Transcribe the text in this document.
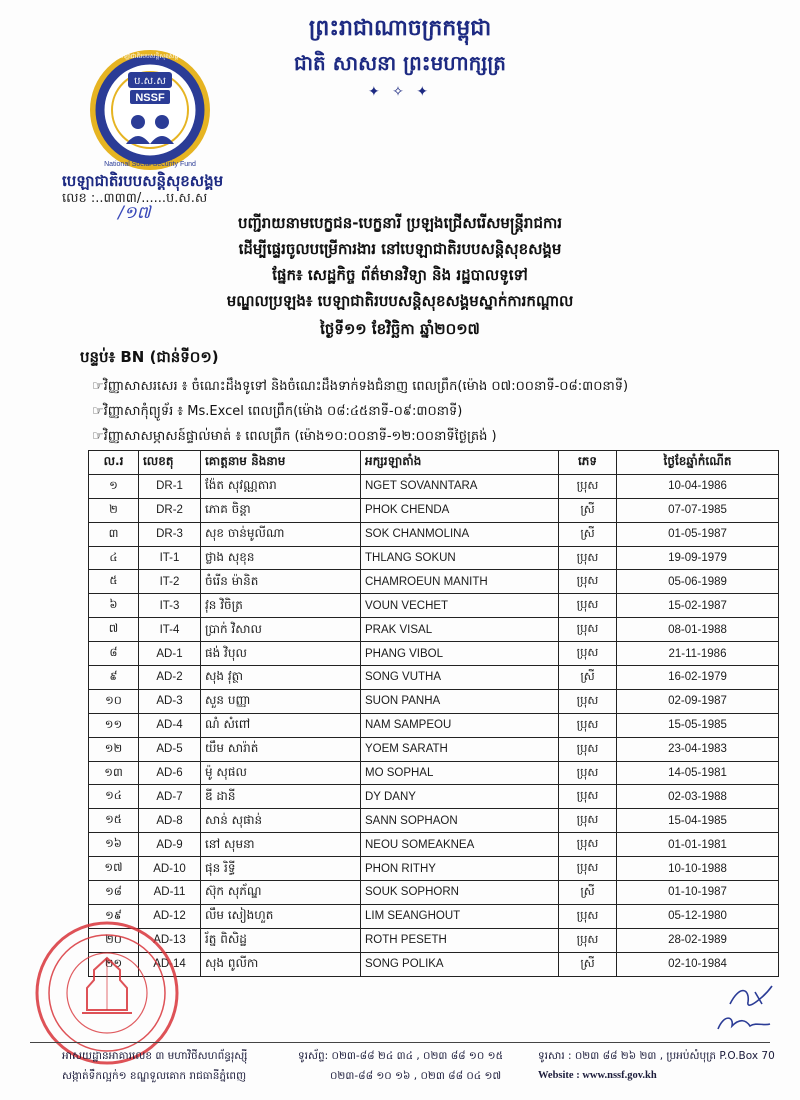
ព្រះរាជាណាចក្រកម្ពុជា
ជាតិ សាសនា ព្រះមហាក្សត្រ
✦ ✧ ✦
ប.ស.ស
NSSF
National Social Security Fund
បេឡាជាតិរបបសន្តិសុខសង្គម
បេឡាជាតិរបបសន្តិសុខសង្គម
លេខ :..៣៣៣/......ប.ស.ស
/១៧	បញ្ជីរាយនាមបេក្ខជន-បេក្ខនារី ប្រឡងជ្រើសរើសមន្ត្រីរាជការ
ដើម្បីផ្ទេរចូលបម្រើការងារ នៅបេឡាជាតិរបបសន្តិសុខសង្គម
ផ្នែក៖ សេដ្ឋកិច្ច ព័ត៌មានវិទ្យា និង រដ្ឋបាលទូទៅ
មណ្ឌលប្រឡង៖ បេឡាជាតិរបបសន្តិសុខសង្គមស្នាក់ការកណ្តាល
ថ្ងៃទី១១ ខែវិច្ឆិកា ឆ្នាំ២០១៧
បន្ទប់៖ BN (ជាន់ទី០១)
☞វិញ្ញាសាសរសេរ ៖ ចំណេះដឹងទូទៅ និងចំណេះដឹងទាក់ទងជំនាញ ពេលព្រឹក(ម៉ោង ០៧:០០នាទី-០៨:៣០នាទី)
☞វិញ្ញាសាកុំព្យូទ័រ ៖ Ms.Excel ពេលព្រឹក(ម៉ោង ០៨:៤៥នាទី-០៩:៣០នាទី)
☞វិញ្ញាសាសម្ភាសន៍ផ្ទាល់មាត់ ៖ ពេលព្រឹក (ម៉ោង១០:០០នាទី-១២:០០នាទីថ្ងៃត្រង់ )
ល.រ	លេខតុ	គោត្តនាម និងនាម	អក្សរឡាតាំង	ភេទ	ថ្ងៃខែឆ្នាំកំណើត
១	DR-1	ង៉ែត សុវណ្ណតារា	NGET SOVANNTARA	ប្រុស	10-04-1986
២	DR-2	ភោគ ចិន្តា	PHOK CHENDA	ស្រី	07-07-1985
៣	DR-3	សុខ ចាន់មូលីណា	SOK CHANMOLINA	ស្រី	01-05-1987
៤	IT-1	ថ្លាង សុខុន	THLANG SOKUN	ប្រុស	19-09-1979
៥	IT-2	ចំរើន ម៉ានិត	CHAMROEUN MANITH	ប្រុស	05-06-1989
៦	IT-3	វុន វិចិត្រ	VOUN VECHET	ប្រុស	15-02-1987
៧	IT-4	ប្រាក់ វិសាល	PRAK VISAL	ប្រុស	08-01-1988
៨	AD-1	ផង់ វិបុល	PHANG VIBOL	ប្រុស	21-11-1986
៩	AD-2	សុង វុត្ថា	SONG VUTHA	ស្រី	16-02-1979
១០	AD-3	សួន បញ្ញា	SUON PANHA	ប្រុស	02-09-1987
១១	AD-4	ណំ សំពៅ	NAM SAMPEOU	ប្រុស	15-05-1985
១២	AD-5	យឹម សារ៉ាត់	YOEM SARATH	ប្រុស	23-04-1983
១៣	AD-6	ម៉ូ សុផល	MO SOPHAL	ប្រុស	14-05-1981
១៤	AD-7	ឌី ដានី	DY DANY	ប្រុស	02-03-1988
១៥	AD-8	សាន់ សុផាន់	SANN SOPHAON	ប្រុស	15-04-1985
១៦	AD-9	នៅ សុមនា	NEOU SOMEAKNEA	ប្រុស	01-01-1981
១៧	AD-10	ផុន រិទ្ធី	PHON RITHY	ប្រុស	10-10-1988
១៨	AD-11	ស៊ុក សុភ័ណ្ឌ	SOUK SOPHORN	ស្រី	01-10-1987
១៩	AD-12	លឹម សៀងហួត	LIM SEANGHOUT	ប្រុស	05-12-1980
២០	AD-13	រ័ត្ន ពិសិដ្ឋ	ROTH PESETH	ប្រុស	28-02-1989
២១	AD-14	សុង ពូលីកា	SONG POLIKA	ស្រី	02-10-1984
អាសយដ្ឋានអាគារលេខ ៣ មហាវិថីសហព័ន្ធរុស្ស៊ី
សង្កាត់ទឹកល្អក់១ ខណ្ឌទួលគោក រាជធានីភ្នំពេញ
ទូរស័ព្ទ: ០២៣-៨៨ ២៤ ៣៤ , ០២៣ ៨៨ ១០ ១៥
០២៣-៨៨ ១០ ១៦ , ០២៣ ៨៨ ០៤ ១៧
ទូរសារ : ០២៣ ៨៨ ២៦ ២៣ , ប្រអប់សំបុត្រ P.O.Box 70
Website : www.nssf.gov.kh
